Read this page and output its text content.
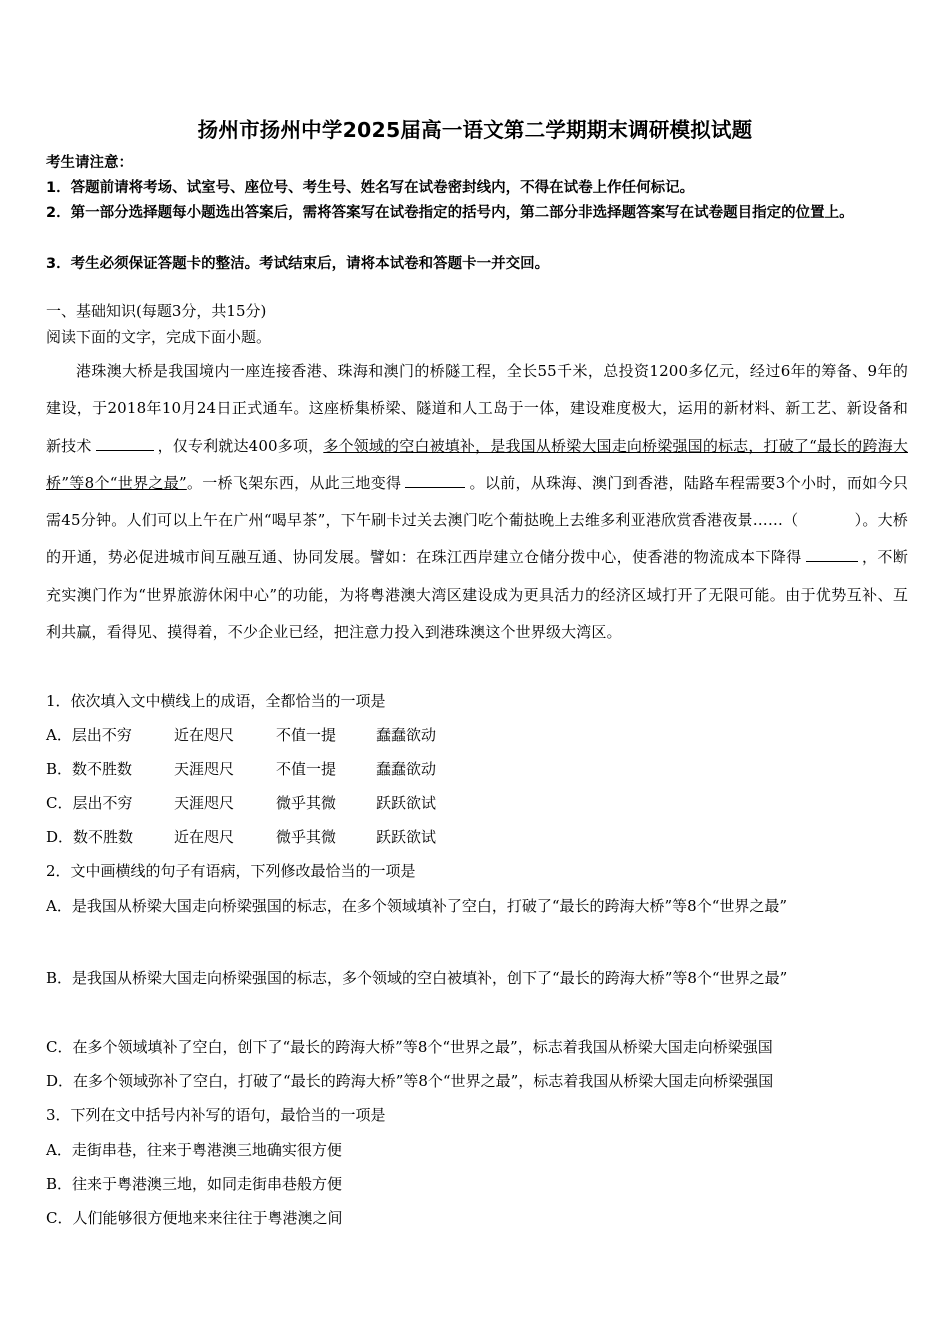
扬州市扬州中学2025届高一语文第二学期期末调研模拟试题
考生请注意：
1．答题前请将考场、试室号、座位号、考生号、姓名写在试卷密封线内，不得在试卷上作任何标记。
2．第一部分选择题每小题选出答案后，需将答案写在试卷指定的括号内，第二部分非选择题答案写在试卷题目指定的位置上。
3．考生必须保证答题卡的整洁。考试结束后，请将本试卷和答题卡一并交回。
一、基础知识(每题3分，共15分)
阅读下面的文字，完成下面小题。

港珠澳大桥是我国境内一座连接香港、珠海和澳门的桥隧工程，全长55千米，总投资1200多亿元，经过6年的筹备、9年的建设，于2018年10月24日正式通车。这座桥集桥梁、隧道和人工岛于一体，建设难度极大，运用的新材料、新工艺、新设备和新技术	，仅专利就达400多项，多个领域的空白被填补，是我国从桥梁大国走向桥梁强国的标志，打破了“最长的跨海大桥”等8个“世界之最”。一桥飞架东西，从此三地变得	。以前，从珠海、澳门到香港，陆路车程需要3个小时，而如今只需45分钟。人们可以上午在广州“喝早茶”，下午刷卡过关去澳门吃个葡挞晚上去维多利亚港欣赏香港夜景……（	）。大桥的开通，势必促进城市间互融互通、协同发展。譬如：在珠江西岸建立仓储分拨中心，使香港的物流成本下降得	，不断充实澳门作为“世界旅游休闲中心”的功能，为将粤港澳大湾区建设成为更具活力的经济区域打开了无限可能。由于优势互补、互利共赢，看得见、摸得着，不少企业已经，把注意力投入到港珠澳这个世界级大湾区。

1．依次填入文中横线上的成语，全都恰当的一项是
A．层出不穷	近在咫尺	不值一提	蠢蠢欲动
B．数不胜数	天涯咫尺	不值一提	蠢蠢欲动
C．层出不穷	天涯咫尺	微乎其微	跃跃欲试
D．数不胜数	近在咫尺	微乎其微	跃跃欲试
2．文中画横线的句子有语病，下列修改最恰当的一项是
A．是我国从桥梁大国走向桥梁强国的标志，在多个领域填补了空白，打破了“最长的跨海大桥”等8个“世界之最”
B．是我国从桥梁大国走向桥梁强国的标志，多个领域的空白被填补，创下了“最长的跨海大桥”等8个“世界之最”
C．在多个领域填补了空白，创下了“最长的跨海大桥”等8个“世界之最”，标志着我国从桥梁大国走向桥梁强国
D．在多个领域弥补了空白，打破了“最长的跨海大桥”等8个“世界之最”，标志着我国从桥梁大国走向桥梁强国
3．下列在文中括号内补写的语句，最恰当的一项是
A．走街串巷，往来于粤港澳三地确实很方便
B．往来于粤港澳三地，如同走街串巷般方便
C．人们能够很方便地来来往往于粤港澳之间
